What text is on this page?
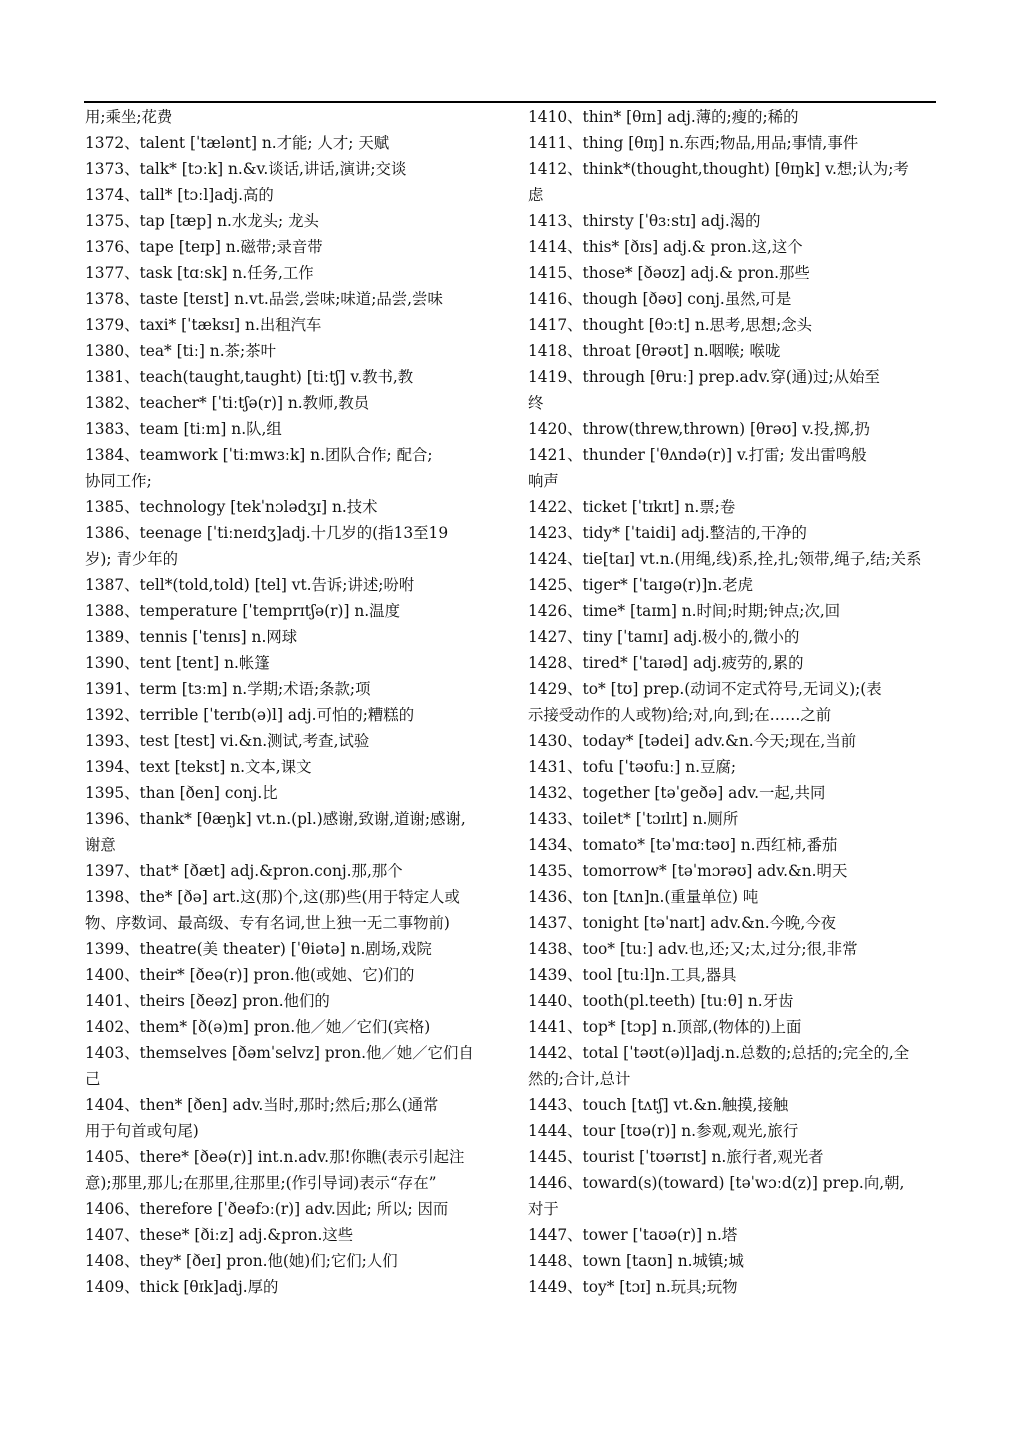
用;乘坐;花费
1372、talent [ˈtælənt] n.才能; 人才; 天赋
1373、talk* [tɔːk] n.&v.谈话,讲话,演讲;交谈
1374、tall* [tɔːl]adj.高的
1375、tap [tæp] n.水龙头; 龙头
1376、tape [teɪp] n.磁带;录音带
1377、task [tɑːsk] n.任务,工作
1378、taste [teɪst] n.vt.品尝,尝味;味道;品尝,尝味
1379、taxi* [ˈtæksɪ] n.出租汽车
1380、tea* [tiː] n.茶;茶叶
1381、teach(taught,taught) [tiːtʃ] v.教书,教
1382、teacher* [ˈtiːtʃə(r)] n.教师,教员
1383、team [tiːm] n.队,组
1384、teamwork [ˈtiːmwɜːk] n.团队合作; 配合;
协同工作;
1385、technology [tekˈnɔlədʒɪ] n.技术
1386、teenage [ˈtiːneɪdʒ]adj.十几岁的(指13至19
岁); 青少年的
1387、tell*(told,told) [tel] vt.告诉;讲述;吩咐
1388、temperature [ˈtemprɪtʃə(r)] n.温度
1389、tennis [ˈtenɪs] n.网球
1390、tent [tent] n.帐篷
1391、term [tɜːm] n.学期;术语;条款;项
1392、terrible [ˈterɪb(ə)l] adj.可怕的;糟糕的
1393、test [test] vi.&n.测试,考查,试验
1394、text [tekst] n.文本,课文
1395、than [ðen] conj.比
1396、thank* [θæŋk] vt.n.(pl.)感谢,致谢,道谢;感谢,
谢意
1397、that* [ðæt] adj.&pron.conj.那,那个
1398、the* [ðə] art.这(那)个,这(那)些(用于特定人或
物、序数词、最高级、专有名词,世上独一无二事物前)
1399、theatre(美 theater) [ˈθiətə] n.剧场,戏院
1400、their* [ðeə(r)] pron.他(或她、它)们的
1401、theirs [ðeəz] pron.他们的
1402、them* [ð(ə)m] pron.他／她／它们(宾格)
1403、themselves [ðəmˈselvz] pron.他／她／它们自
己
1404、then* [ðen] adv.当时,那时;然后;那么(通常
用于句首或句尾)
1405、there* [ðeə(r)] int.n.adv.那!你瞧(表示引起注
意);那里,那儿;在那里,往那里;(作引导词)表示“存在”
1406、therefore [ˈðeəfɔː(r)] adv.因此; 所以; 因而
1407、these* [ðiːz] adj.&pron.这些
1408、they* [ðeɪ] pron.他(她)们;它们;人们
1409、thick [θɪk]adj.厚的
1410、thin* [θɪn] adj.薄的;瘦的;稀的
1411、thing [θɪŋ] n.东西;物品,用品;事情,事件
1412、think*(thought,thought) [θɪŋk] v.想;认为;考
虑
1413、thirsty [ˈθɜːstɪ] adj.渴的
1414、this* [ðɪs] adj.& pron.这,这个
1415、those* [ðəʊz] adj.& pron.那些
1416、though [ðəʊ] conj.虽然,可是
1417、thought [θɔːt] n.思考,思想;念头
1418、throat [θrəʊt] n.咽喉; 喉咙
1419、through [θruː] prep.adv.穿(通)过;从始至
终
1420、throw(threw,thrown) [θrəʊ] v.投,掷,扔
1421、thunder [ˈθʌndə(r)] v.打雷; 发出雷鸣般
响声
1422、ticket [ˈtɪkɪt] n.票;卷
1423、tidy* [ˈtaidi] adj.整洁的,干净的
1424、tie[taɪ] vt.n.(用绳,线)系,拴,扎;领带,绳子,结;关系
1425、tiger* [ˈtaɪgə(r)]n.老虎
1426、time* [taɪm] n.时间;时期;钟点;次,回
1427、tiny [ˈtaɪnɪ] adj.极小的,微小的
1428、tired* [ˈtaɪəd] adj.疲劳的,累的
1429、to* [tʊ] prep.(动词不定式符号,无词义);(表
示接受动作的人或物)给;对,向,到;在……之前
1430、today* [tədei] adv.&n.今天;现在,当前
1431、tofu [ˈtəʊfuː] n.豆腐;
1432、together [təˈgeðə] adv.一起,共同
1433、toilet* [ˈtɔɪlɪt] n.厕所
1434、tomato* [təˈmɑːtəʊ] n.西红柿,番茄
1435、tomorrow* [təˈmɔrəʊ] adv.&n.明天
1436、ton [tʌn]n.(重量单位) 吨
1437、tonight [təˈnaɪt] adv.&n.今晚,今夜
1438、too* [tuː] adv.也,还;又;太,过分;很,非常
1439、tool [tuːl]n.工具,器具
1440、tooth(pl.teeth) [tuːθ] n.牙齿
1441、top* [tɔp] n.顶部,(物体的)上面
1442、total [ˈtəʊt(ə)l]adj.n.总数的;总括的;完全的,全
然的;合计,总计
1443、touch [tʌtʃ] vt.&n.触摸,接触
1444、tour [tʊə(r)] n.参观,观光,旅行
1445、tourist [ˈtʊərɪst] n.旅行者,观光者
1446、toward(s)(toward) [təˈwɔːd(z)] prep.向,朝,
对于
1447、tower [ˈtaʊə(r)] n.塔
1448、town [taʊn] n.城镇;城
1449、toy* [tɔɪ] n.玩具;玩物
